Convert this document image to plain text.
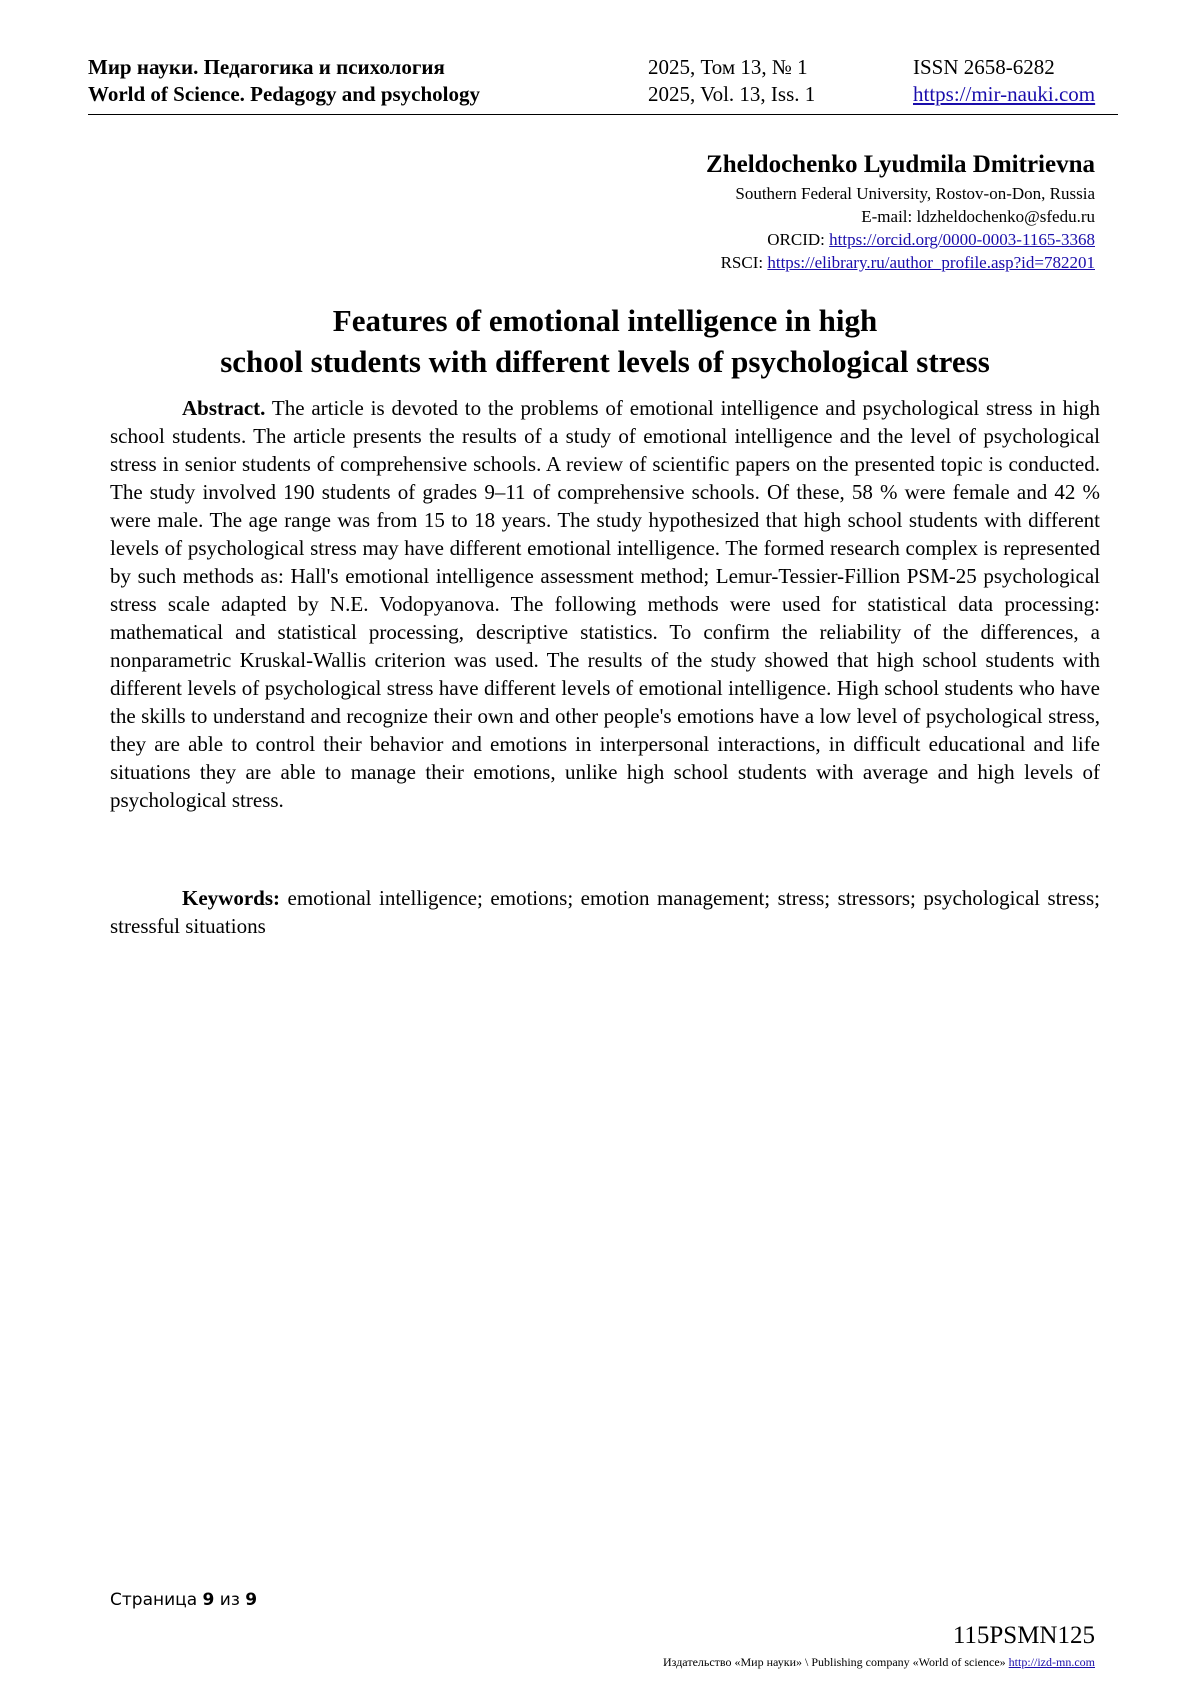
Мир науки. Педагогика и психология	2025, Том 13, № 1	ISSN 2658-6282
World of Science. Pedagogy and psychology	2025, Vol. 13, Iss. 1	https://mir-nauki.com
Zheldochenko Lyudmila Dmitrievna
Southern Federal University, Rostov-on-Don, Russia
E-mail: ldzheldochenko@sfedu.ru
ORCID: https://orcid.org/0000-0003-1165-3368
RSCI: https://elibrary.ru/author_profile.asp?id=782201
Features of emotional intelligence in high
school students with different levels of psychological stress

Abstract. The article is devoted to the problems of emotional intelligence and psychological stress in high school students. The article presents the results of a study of emotional intelligence and the level of psychological stress in senior students of comprehensive schools. A review of scientific papers on the presented topic is conducted. The study involved 190 students of grades 9–11 of comprehensive schools. Of these, 58 % were female and 42 % were male. The age range was from 15 to 18 years. The study hypothesized that high school students with different levels of psychological stress may have different emotional intelligence. The formed research complex is represented by such methods as: Hall's emotional intelligence assessment method; Lemur-Tessier-Fillion PSM-25 psychological stress scale adapted by N.E. Vodopyanova. The following methods were used for statistical data processing: mathematical and statistical processing, descriptive statistics. To confirm the reliability of the differences, a nonparametric Kruskal-Wallis criterion was used. The results of the study showed that high school students with different levels of psychological stress have different levels of emotional intelligence. High school students who have the skills to understand and recognize their own and other people's emotions have a low level of psychological stress, they are able to control their behavior and emotions in interpersonal interactions, in difficult educational and life situations they are able to manage their emotions, unlike high school students with average and high levels of psychological stress.

Keywords: emotional intelligence; emotions; emotion management; stress; stressors; psychological stress; stressful situations

Страница 9 из 9
115PSMN125
Издательство «Мир науки» \ Publishing company «World of science» http://izd-mn.com
